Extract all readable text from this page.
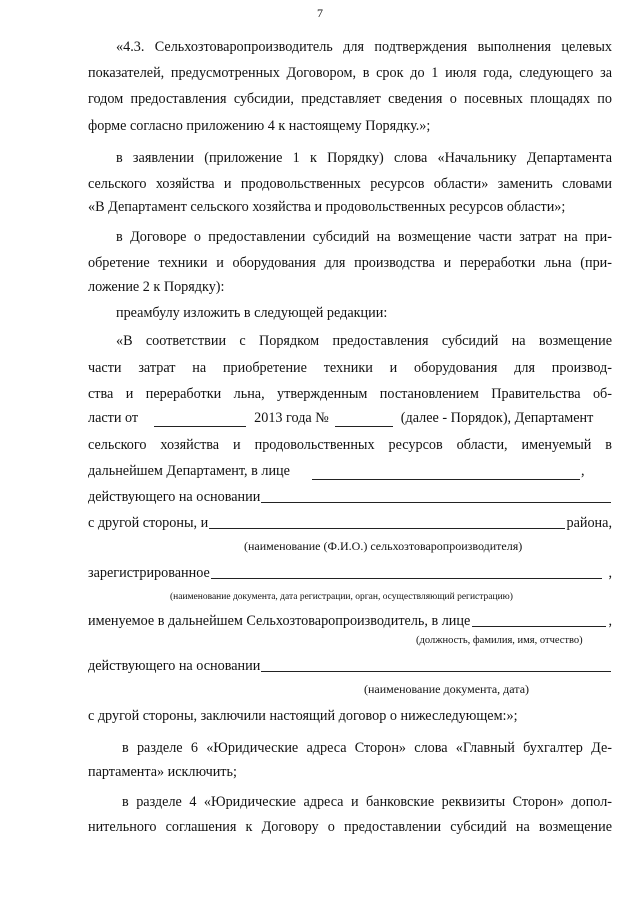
7
«4.3. Сельхозтоваропроизводитель для подтверждения выполнения целевых
показателей, предусмотренных Договором, в срок до 1 июля года, следующего за
годом предоставления субсидии, представляет сведения о посевных площадях по
форме согласно приложению 4 к настоящему Порядку.»;
в заявлении (приложение 1 к Порядку) слова «Начальнику Департамента
сельского хозяйства и продовольственных ресурсов области» заменить словами
«В Департамент сельского хозяйства и продовольственных ресурсов области»;
в Договоре о предоставлении субсидий на возмещение части затрат на при-
обретение техники и оборудования для производства и переработки льна (при-
ложение 2 к Порядку):
преамбулу изложить в следующей редакции:
«В соответствии с Порядком предоставления субсидий на возмещение
части затрат на приобретение техники и оборудования для производ-
ства и переработки льна, утвержденным постановлением Правительства об-
ласти от	2013 года №	(далее - Порядок), Департамент
сельского хозяйства и продовольственных ресурсов области, именуемый в
дальнейшем Департамент, в лице	,
действующего на основании
с другой стороны, и	района,
(наименование (Ф.И.О.) сельхозтоваропроизводителя)
зарегистрированное	,
(наименование документа, дата регистрации, орган, осуществляющий регистрацию)
именуемое в дальнейшем Сельхозтоваропроизводитель, в лице	,
(должность, фамилия, имя, отчество)
действующего на основании
(наименование документа, дата)
с другой стороны, заключили настоящий договор о нижеследующем:»;
в разделе 6 «Юридические адреса Сторон» слова «Главный бухгалтер Де-
партамента» исключить;
в разделе 4 «Юридические адреса и банковские реквизиты Сторон» допол-
нительного соглашения к Договору о предоставлении субсидий на возмещение
